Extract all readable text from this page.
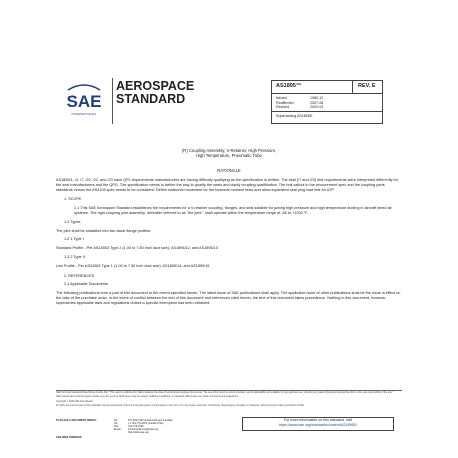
SAE
INTERNATIONAL
AEROSPACE
STANDARD
AS1895™	REV. E
Issued	1989-12
Reaffirmed	2007-06
Revised	2020-03
Superseding AS1895D
(R) Coupling Assembly, V-Retainer, High Pressure,
High Temperature, Pneumatic Tube
RATIONALE

AS1895/1, /4, /7, /20, /22, and /23 have QPL requirements manufacturers are having difficulty qualifying as the specification is written. The seal (/7 and /23) test requirements were interpreted differently for the seal manufacturers and the QPG. The specification needs to define the way to qualify the seals and clarify coupling qualification. The bolt callout in the procurement spec and the coupling parts standards versus the AS4108 spec needs to be consistent. Define rotational movement for the torsional moment tests and allow equivalent seal plug load test for ATP.

1. SCOPE

1.1 This SAE Aerospace Standard establishes the requirements for a V-retainer coupling, flanges, and seal suitable for joining high pressure and high temperature ducting in aircraft bleed air systems. The rigid coupling joint assembly, hereafter referred to as "the joint," shall operate within the temperature range of -65 to +1200 °F.

1.2 Types

The joint shall be classified into two basic flange profiles:

1.2.1 Type I

Standard Profile - Per AS24563 Type 2 (1.00 to 7.50 inch duct size), AS1895/12, and AS1895/13

1.2.2 Type II

Low Profile - Per AS24563 Type 1 (1.00 to 7.50 inch duct size), AS1895/14, and AS1895/15

2. REFERENCES

2.1 Applicable Documents

The following publications form a part of this document to the extent specified herein. The latest issue of SAE publications shall apply. The applicable issue of other publications shall be the issue in effect on the date of the purchase order. In the event of conflict between the text of this document and references cited herein, the text of this document takes precedence. Nothing in this document, however, supersedes applicable laws and regulations unless a specific exemption has been obtained.

SAE Technical Standards Board Rules provide that: "This report is published by SAE to advance the state of technical and engineering sciences. The use of this report is entirely voluntary, and its applicability and suitability for any particular use, including any patent infringement arising therefrom, is the sole responsibility of the user."

SAE reviews each technical report at least every five years at which time it may be revised, reaffirmed, stabilized, or cancelled. SAE invites your written comments and suggestions.

Copyright © 2020 SAE International

All rights reserved. No part of this publication may be reproduced, stored in a retrieval system or transmitted, in any form or by any means, electronic, mechanical, photocopying, recording, or otherwise, without the prior written permission of SAE.

TO PLACE A DOCUMENT ORDER:	Tel:	877-606-7323 (inside USA and Canada)
Tel:	+1 724-776-4970 (outside USA)
Fax:	724-776-0790
Email:	CustomerService@sae.org
http://www.sae.org
For more information on this standard, visit
https://www.sae.org/standards/content/AS1895E/
SAE WEB ADDRESS:
